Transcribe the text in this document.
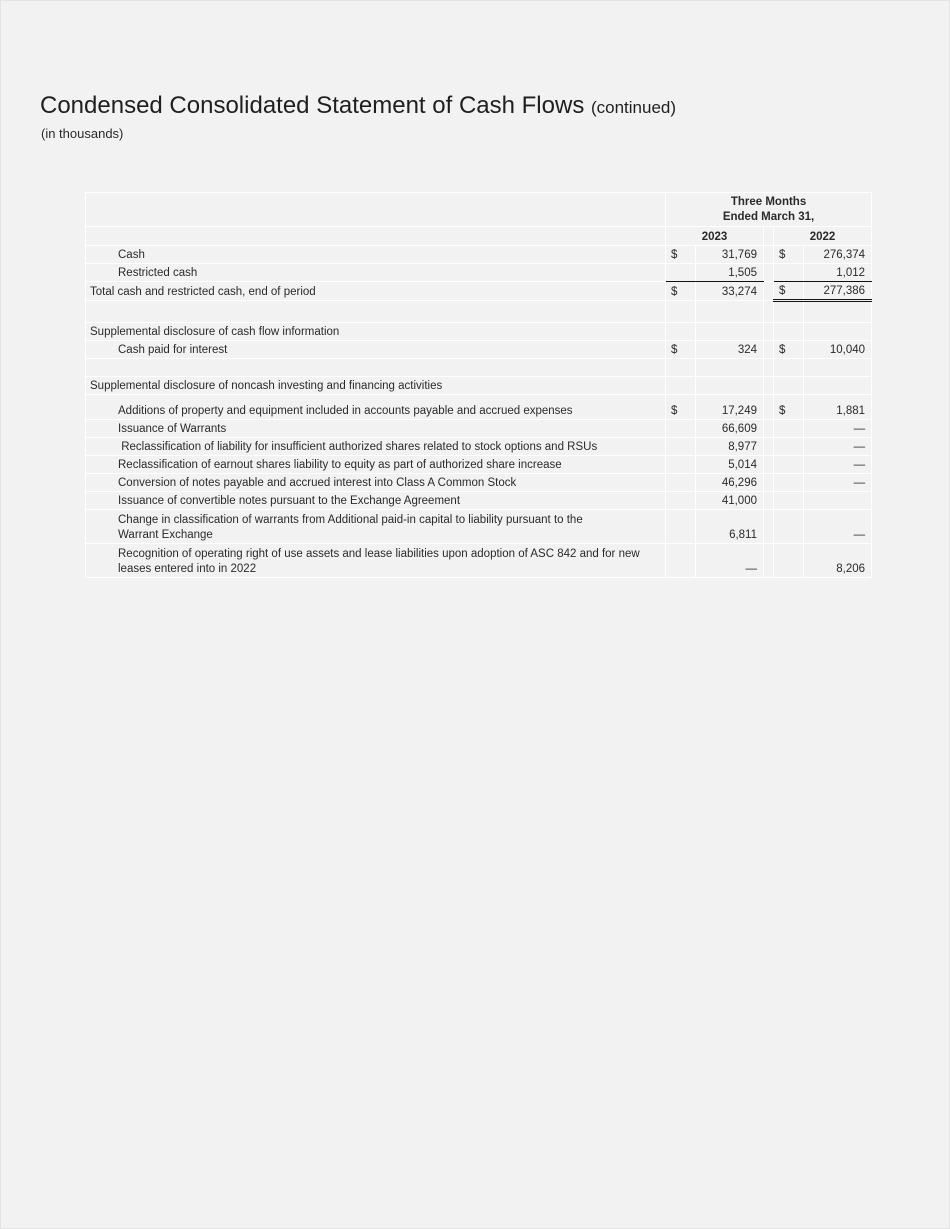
Condensed Consolidated Statement of Cash Flows (continued)
(in thousands)

	Three Months Ended March 31,				

	2023			2022	
Cash	$	31,769		$	276,374
Restricted cash		1,505			1,012
Total cash and restricted cash, end of period	$	33,274		$	277,386

Supplemental disclosure of cash flow information					
Cash paid for interest	$	324		$	10,040

Supplemental disclosure of noncash investing and financing activities					
Additions of property and equipment included in accounts payable and accrued expenses	$	17,249		$	1,881
Issuance of Warrants		66,609			—
Reclassification of liability for insufficient authorized shares related to stock options and RSUs		8,977			—
Reclassification of earnout shares liability to equity as part of authorized share increase		5,014			—
Conversion of notes payable and accrued interest into Class A Common Stock		46,296			—
Issuance of convertible notes pursuant to the Exchange Agreement		41,000			
Change in classification of warrants from Additional paid-in capital to liability pursuant to the Warrant Exchange		6,811			—
Recognition of operating right of use assets and lease liabilities upon adoption of ASC 842 and for new leases entered into in 2022		—			8,206
